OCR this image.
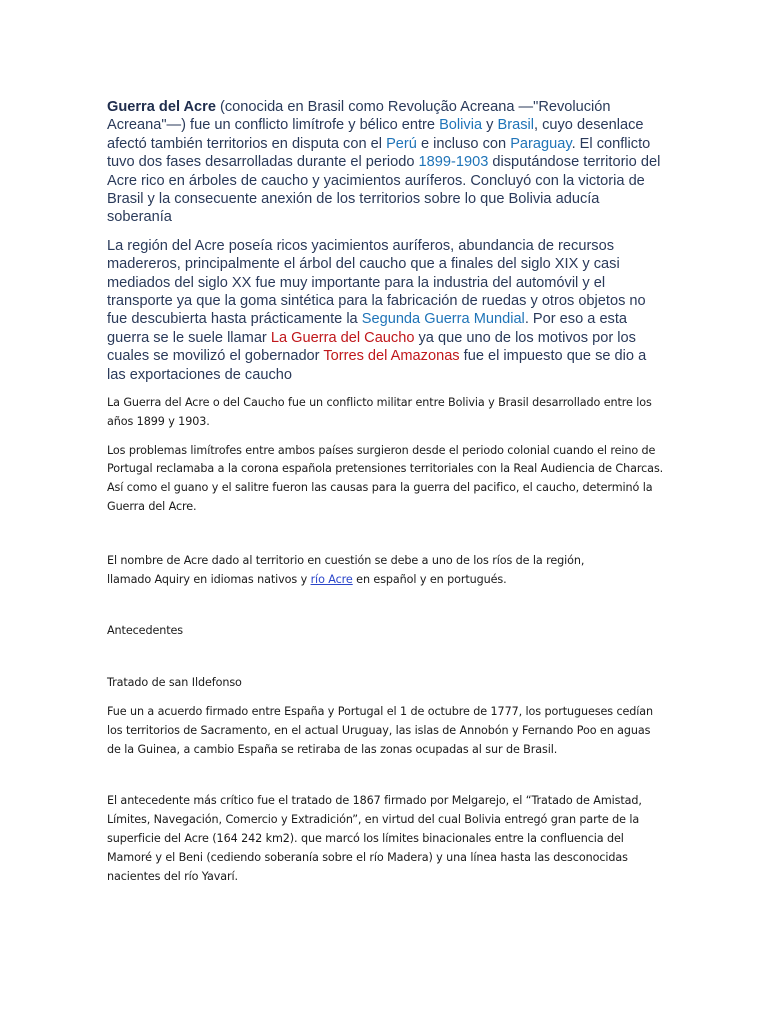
Guerra del Acre (conocida en Brasil como Revolução Acreana —"Revolución Acreana"—) fue un conflicto limítrofe y bélico entre Bolivia y Brasil, cuyo desenlace afectó también territorios en disputa con el Perú e incluso con Paraguay. El conflicto tuvo dos fases desarrolladas durante el periodo 1899-1903 disputándose territorio del Acre rico en árboles de caucho y yacimientos auríferos. Concluyó con la victoria de Brasil y la consecuente anexión de los territorios sobre lo que Bolivia aducía soberanía

La región del Acre poseía ricos yacimientos auríferos, abundancia de recursos madereros, principalmente el árbol del caucho que a finales del siglo XIX y casi mediados del siglo XX fue muy importante para la industria del automóvil y el transporte ya que la goma sintética para la fabricación de ruedas y otros objetos no fue descubierta hasta prácticamente la Segunda Guerra Mundial. Por eso a esta guerra se le suele llamar La Guerra del Caucho ya que uno de los motivos por los cuales se movilizó el gobernador Torres del Amazonas fue el impuesto que se dio a las exportaciones de caucho

La Guerra del Acre o del Caucho fue un conflicto militar entre Bolivia y Brasil desarrollado entre los años 1899 y 1903.

Los problemas limítrofes entre ambos países surgieron desde el periodo colonial cuando el reino de Portugal reclamaba a la corona española pretensiones territoriales con la Real Audiencia de Charcas. Así como el guano y el salitre fueron las causas para la guerra del pacifico, el caucho, determinó la Guerra del Acre.

El nombre de Acre dado al territorio en cuestión se debe a uno de los ríos de la región,
llamado Aquiry en idiomas nativos y río Acre en español y en portugués.

Antecedentes

Tratado de san Ildefonso

Fue un a acuerdo firmado entre España y Portugal el 1 de octubre de 1777, los portugueses cedían los territorios de Sacramento, en el actual Uruguay, las islas de Annobón y Fernando Poo en aguas de la Guinea, a cambio España se retiraba de las zonas ocupadas al sur de Brasil.

El antecedente más crítico fue el tratado de 1867 firmado por Melgarejo, el “Tratado de Amistad, Límites, Navegación, Comercio y Extradición”, en virtud del cual Bolivia entregó gran parte de la superficie del Acre (164 242 km2). que marcó los límites binacionales entre la confluencia del Mamoré y el Beni (cediendo soberanía sobre el río Madera) y una línea hasta las desconocidas nacientes del río Yavarí.
